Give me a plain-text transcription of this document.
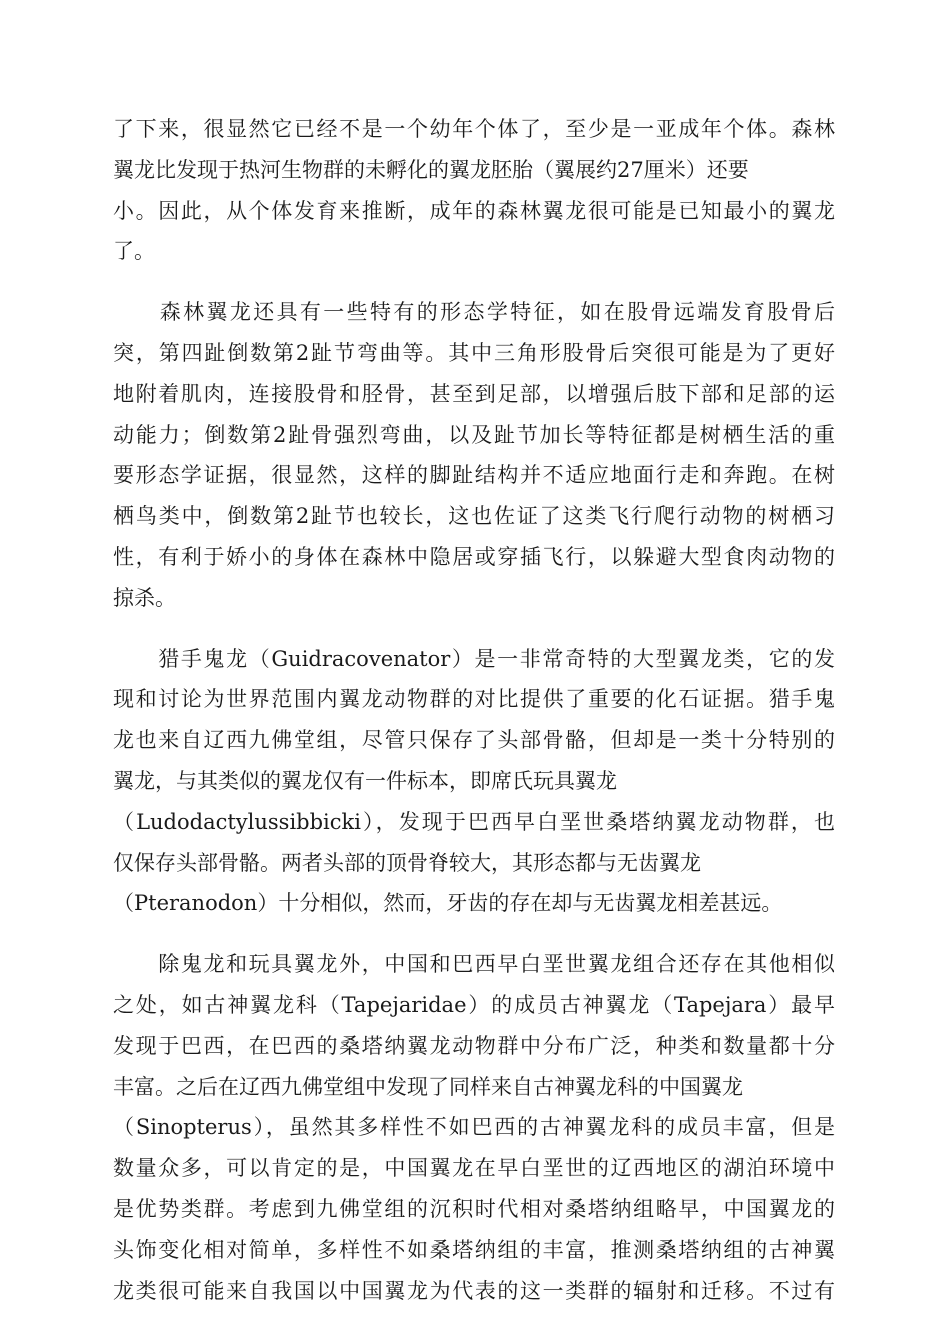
了下来，很显然它已经不是一个幼年个体了，至少是一亚成年个体。森林
翼龙比发现于热河生物群的未孵化的翼龙胚胎（翼展约27厘米）还要
小。因此，从个体发育来推断，成年的森林翼龙很可能是已知最小的翼龙
了。
　　森林翼龙还具有一些特有的形态学特征，如在股骨远端发育股骨后
突，第四趾倒数第2趾节弯曲等。其中三角形股骨后突很可能是为了更好
地附着肌肉，连接股骨和胫骨，甚至到足部，以增强后肢下部和足部的运
动能力；倒数第2趾骨强烈弯曲，以及趾节加长等特征都是树栖生活的重
要形态学证据，很显然，这样的脚趾结构并不适应地面行走和奔跑。在树
栖鸟类中，倒数第2趾节也较长，这也佐证了这类飞行爬行动物的树栖习
性，有利于娇小的身体在森林中隐居或穿插飞行，以躲避大型食肉动物的
掠杀。
　　猎手鬼龙（Guidracovenator）是一非常奇特的大型翼龙类，它的发
现和讨论为世界范围内翼龙动物群的对比提供了重要的化石证据。猎手鬼
龙也来自辽西九佛堂组，尽管只保存了头部骨骼，但却是一类十分特别的
翼龙，与其类似的翼龙仅有一件标本，即席氏玩具翼龙
（Ludodactylussibbicki），发现于巴西早白垩世桑塔纳翼龙动物群，也
仅保存头部骨骼。两者头部的顶骨脊较大，其形态都与无齿翼龙
（Pteranodon）十分相似，然而，牙齿的存在却与无齿翼龙相差甚远。
　　除鬼龙和玩具翼龙外，中国和巴西早白垩世翼龙组合还存在其他相似
之处，如古神翼龙科（Tapejaridae）的成员古神翼龙（Tapejara）最早
发现于巴西，在巴西的桑塔纳翼龙动物群中分布广泛，种类和数量都十分
丰富。之后在辽西九佛堂组中发现了同样来自古神翼龙科的中国翼龙
（Sinopterus），虽然其多样性不如巴西的古神翼龙科的成员丰富，但是
数量众多，可以肯定的是，中国翼龙在早白垩世的辽西地区的湖泊环境中
是优势类群。考虑到九佛堂组的沉积时代相对桑塔纳组略早，中国翼龙的
头饰变化相对简单，多样性不如桑塔纳组的丰富，推测桑塔纳组的古神翼
龙类很可能来自我国以中国翼龙为代表的这一类群的辐射和迁移。不过有
